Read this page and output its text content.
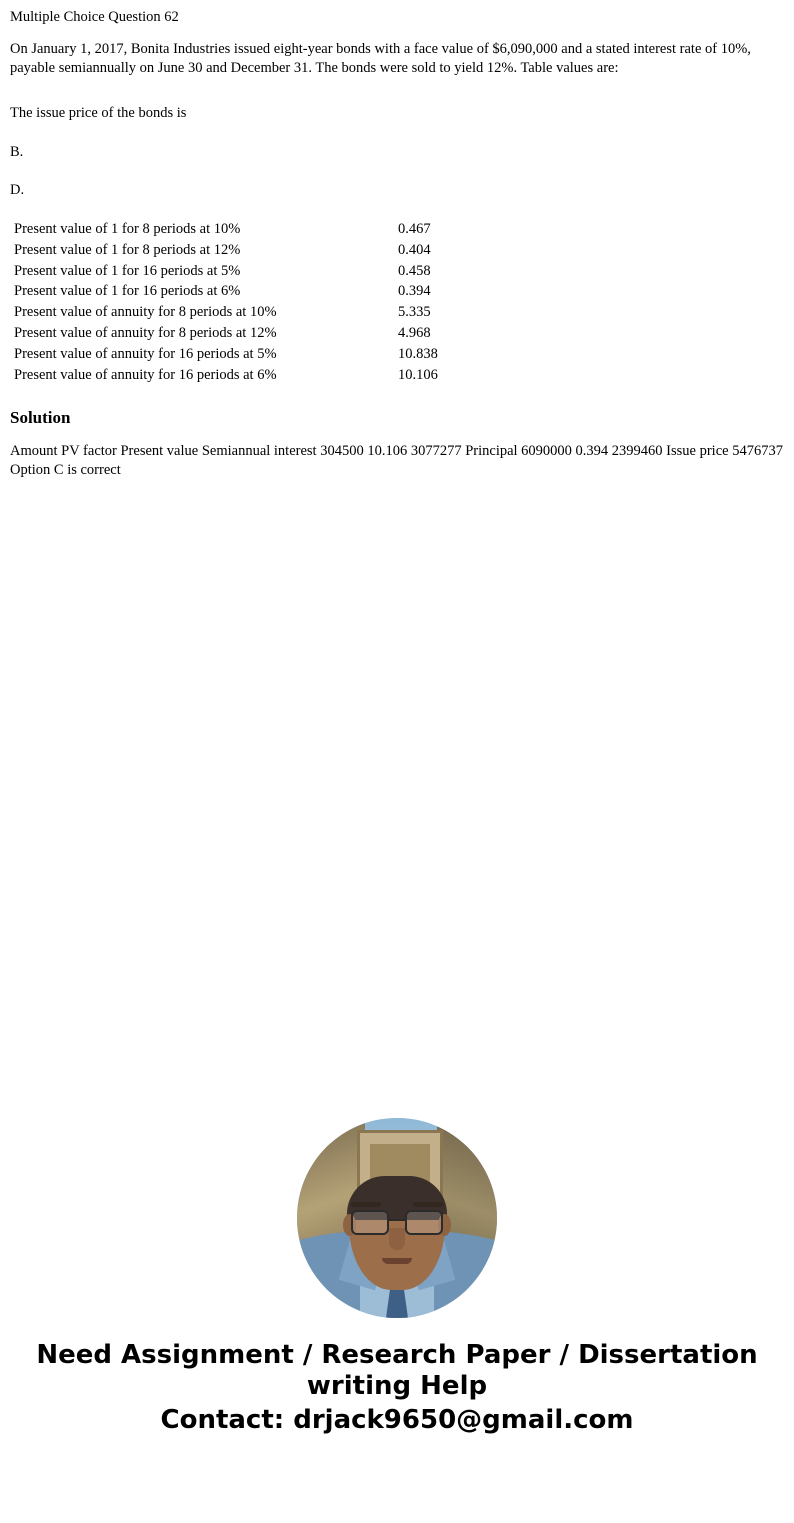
Multiple Choice Question 62

On January 1, 2017, Bonita Industries issued eight-year bonds with a face value of $6,090,000 and a stated interest rate of 10%, payable semiannually on June 30 and December 31. The bonds were sold to yield 12%. Table values are:

The issue price of the bonds is

B.

D.

Present value of 1 for 8 periods at 10%	0.467
Present value of 1 for 8 periods at 12%	0.404
Present value of 1 for 16 periods at 5%	0.458
Present value of 1 for 16 periods at 6%	0.394
Present value of annuity for 8 periods at 10%	5.335
Present value of annuity for 8 periods at 12%	4.968
Present value of annuity for 16 periods at 5%	10.838
Present value of annuity for 16 periods at 6%	10.106
Solution

Amount PV factor Present value Semiannual interest 304500 10.106 3077277 Principal 6090000 0.394 2399460 Issue price 5476737 Option C is correct

Need Assignment / Research Paper / Dissertation
writing Help

Contact: drjack9650@gmail.com
